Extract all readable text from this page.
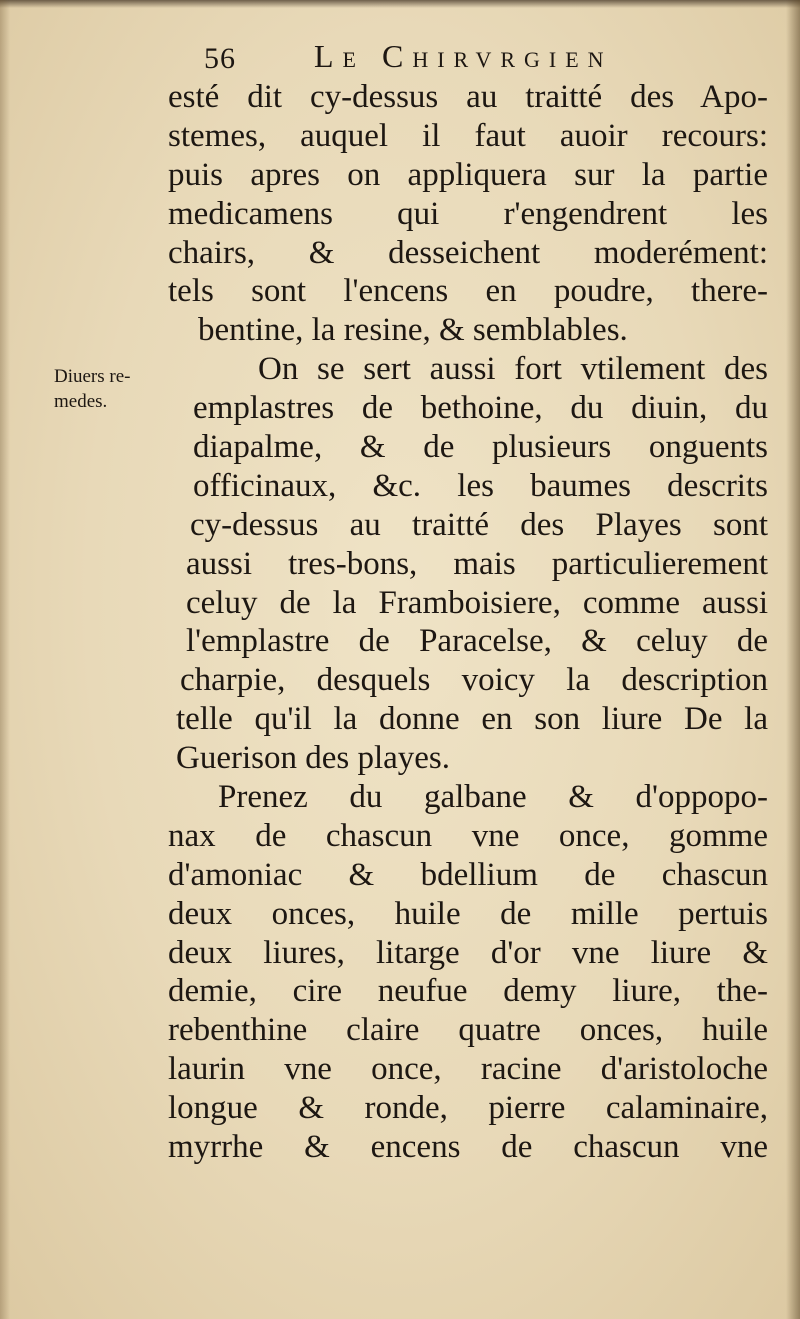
56 Le Chirvrgien
Diuers re-
medes.
esté dit cy-dessus au traitté des Apo-
stemes, auquel il faut auoir recours:
puis apres on appliquera sur la partie
medicamens qui r'engendrent les
chairs, & desseichent moderément:
tels sont l'encens en poudre, there-
bentine, la resine, & semblables.
On se sert aussi fort vtilement des
emplastres de bethoine, du diuin, du
diapalme, & de plusieurs onguents
officinaux, &c. les baumes descrits
cy-dessus au traitté des Playes sont
aussi tres-bons, mais particulierement
celuy de la Framboisiere, comme aussi
l'emplastre de Paracelse, & celuy de
charpie, desquels voicy la description
telle qu'il la donne en son liure De la
Guerison des playes.
Prenez du galbane & d'oppopo-
nax de chascun vne once, gomme
d'amoniac & bdellium de chascun
deux onces, huile de mille pertuis
deux liures, litarge d'or vne liure &
demie, cire neufue demy liure, the-
rebenthine claire quatre onces, huile
laurin vne once, racine d'aristoloche
longue & ronde, pierre calaminaire,
myrrhe & encens de chascun vne
